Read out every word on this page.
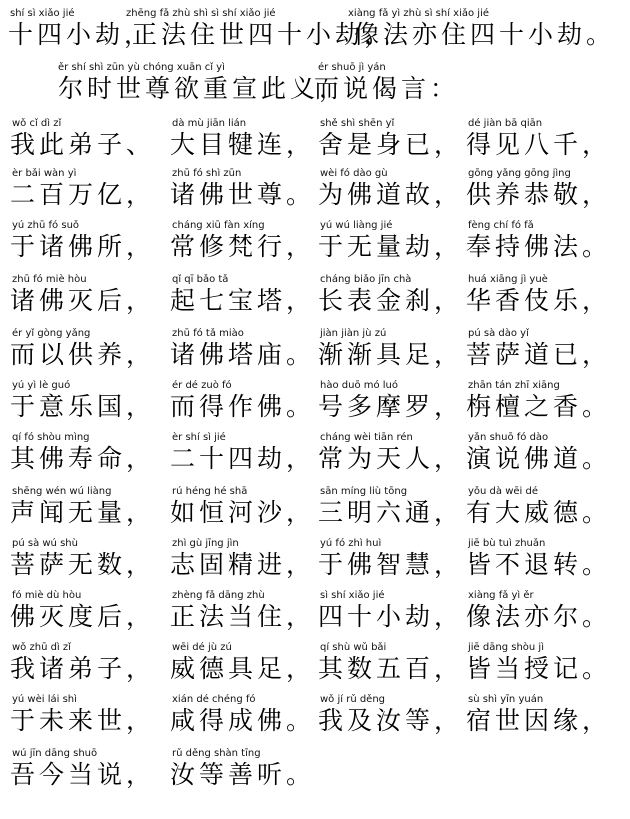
shí sì xiǎo jié
十四小劫，
zhēng fǎ zhù shì sì shí xiǎo jié
正法住世四十小劫，
xiàng fǎ yì zhù sì shí xiǎo jié
像法亦住四十小劫。
ěr shí shì zūn yù chóng xuān cǐ yì
尔时世尊欲重宣此义，
ér shuō jì yán
而说偈言：
wǒ cǐ dì zǐ
我此弟子、
dà mù jiān lián
大目犍连，
shě shì shēn yǐ
舍是身已，
dé jiàn bā qiān
得见八千，
èr bǎi wàn yì
二百万亿，
zhū fó shì zūn
诸佛世尊。
wèi fó dào gù
为佛道故，
gōng yǎng gōng jìng
供养恭敬，
yú zhū fó suǒ
于诸佛所，
cháng xiū fàn xíng
常修梵行，
yú wú liàng jié
于无量劫，
fèng chí fó fǎ
奉持佛法。
zhū fó miè hòu
诸佛灭后，
qǐ qī bǎo tǎ
起七宝塔，
cháng biǎo jīn chà
长表金刹，
huá xiāng jì yuè
华香伎乐，
ér yǐ gòng yǎng
而以供养，
zhū fó tǎ miào
诸佛塔庙。
jiàn jiàn jù zú
渐渐具足，
pú sà dào yǐ
菩萨道已，
yú yì lè guó
于意乐国，
ér dé zuò fó
而得作佛。
hào duō mó luó
号多摩罗，
zhān tán zhī xiāng
栴檀之香。
qí fó shòu mìng
其佛寿命，
èr shí sì jié
二十四劫，
cháng wèi tiān rén
常为天人，
yǎn shuō fó dào
演说佛道。
shēng wén wú liàng
声闻无量，
rú héng hé shā
如恒河沙，
sān míng liù tōng
三明六通，
yǒu dà wēi dé
有大威德。
pú sà wú shù
菩萨无数，
zhì gù jīng jìn
志固精进，
yú fó zhì huì
于佛智慧，
jiē bù tuì zhuǎn
皆不退转。
fó miè dù hòu
佛灭度后，
zhèng fǎ dāng zhù
正法当住，
sì shí xiǎo jié
四十小劫，
xiàng fǎ yì ěr
像法亦尔。
wǒ zhū dì zǐ
我诸弟子，
wēi dé jù zú
威德具足，
qí shù wǔ bǎi
其数五百，
jiē dāng shòu jì
皆当授记。
yú wèi lái shì
于未来世，
xián dé chéng fó
咸得成佛。
wǒ jí rǔ děng
我及汝等，
sù shì yīn yuán
宿世因缘，
wú jīn dāng shuō
吾今当说，
rǔ děng shàn tīng
汝等善听。
